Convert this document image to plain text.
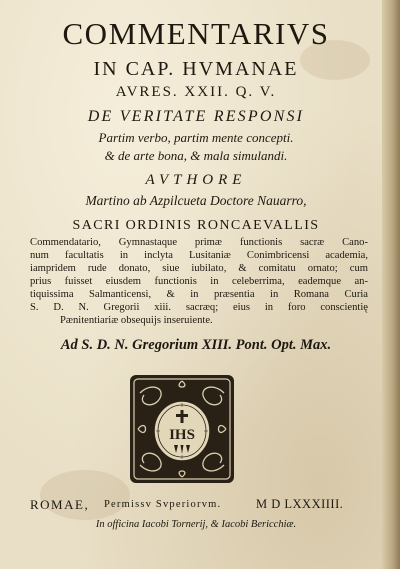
COMMENTARIVS
IN CAP. HVMANAE
AVRES. XXII. Q. V.
DE VERITATE RESPONSI
Partim verbo, partim mente concepti.
& de arte bona, & mala simulandi.
AVTHORE
Martino ab Azpilcueta Doctore Nauarro,
SACRI ORDINIS RONCAEVALLIS
Commendatario, Gymnastaque primæ functionis sacræ Cano-
num facultatis in inclyta Lusitaniæ Conimbricensi academia,
iampridem rude donato, siue iubilato, & comitatu ornato; cum
prius fuisset eiusdem functionis in celeberrima, eademque an-
tiquissima Salmanticensi, & in præsentia in Romana Curia
S. D. N. Gregorii xiii. sacræq; eius in foro conscientię
Pænitentiariæ obsequijs inseruiente.
Ad S. D. N. Gregorium XIII. Pont. Opt. Max.
IHS
ROMAE,	Permissv Svperiorvm.	M D LXXXIIII.
In officina Iacobi Tornerij, & Iacobi Bericchiæ.
